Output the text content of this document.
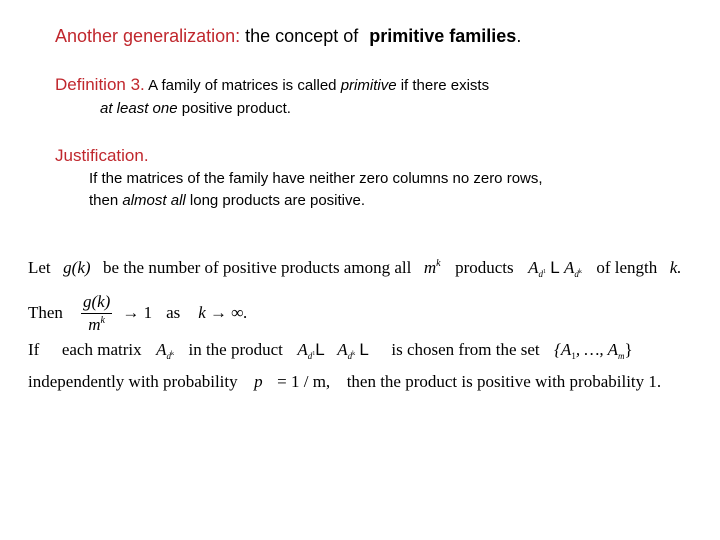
Another generalization: the concept of primitive families.
Definition 3. A family of matrices is called primitive if there exists
at least one positive product.
Justification.
If the matrices of the family have neither zero columns no zero rows,
then almost all long products are positive.
Let g(k) be the number of positive products among all $m^k$ products $A_d1$ L $A_dk$ of length k.
Then $\frac{g(k)}{m^k} \to 1$ as k → ∞.
If each matrix $A_dk$ in the product $A_d1L$ $A_dk$ L is chosen from the set {$A_1$, …, $A_m$}
independently with probability p = 1 / m, then the product is positive with probability 1.
